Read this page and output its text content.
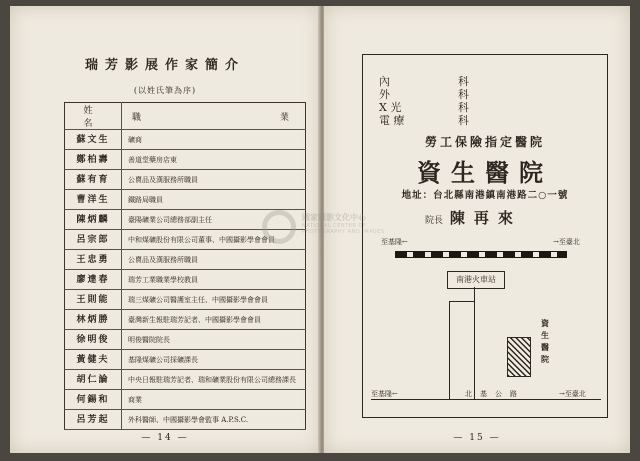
瑞芳影展作家簡介
(以姓氏筆為序)
姓　名	職 業

蘇文生	礦商
鄭柏壽	善道堂藥房店東
蘇有育	公賣品及漢服務所職員
曹洋生	鐵路局職員
陳炳麟	臺陽礦業公司總務部副主任
呂宗郎	中和煤礦股份有限公司董事、中國攝影學會會員
王忠勇	公賣品及漢服務所職員
廖達春	瑞芳工業職業學校教員
王則能	瑞三煤礦公司醫護室主任、中國攝影學會會員
林炳勝	臺灣新生報駐瑞芳記者、中國攝影學會會員
徐明俊	明俊醫院院長
黃健夫	基隆煤礦公司採礦課長
胡仁論	中央日報駐瑞芳記者、瑞和礦業股份有限公司總務課長
何錫和	商業
呂芳起	外科醫師、中國攝影學會監事 A.P.S.C.
— 14 —
內	科
外	科
X 光	科
電 療	科
勞工保險指定醫院
資生醫院
地址：台北縣南港鎮南港路二○一號
院長 陳再來
至基隆←	→至臺北
南港火車站
資
生
醫
院
至基隆←	北基公路	→至臺北
— 15 —
國家攝影文化中心
NATIONAL CENTER OF PHOTOGRAPHY AND IMAGES
